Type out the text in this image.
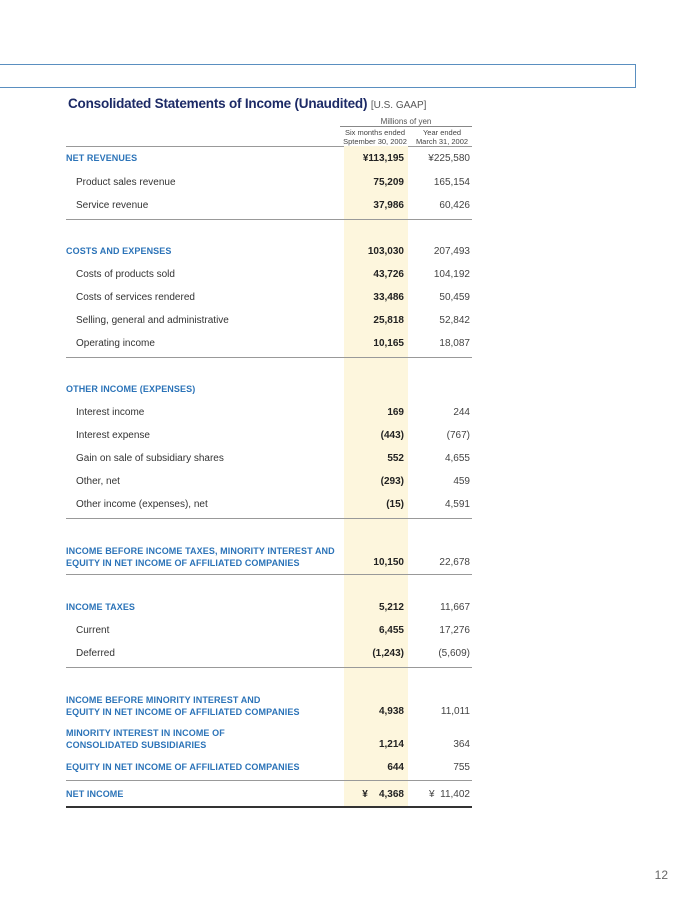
Consolidated Statements of Income (Unaudited) [U.S. GAAP]
Millions of yen
Six months ended
Sptember 30, 2002
Year ended
March 31, 2002
NET REVENUES	¥113,195 ¥225,580
Product sales revenue	75,209	165,154
Service revenue	37,986	60,426
COSTS AND EXPENSES	103,030	207,493
Costs of products sold	43,726	104,192
Costs of services rendered	33,486	50,459
Selling, general and administrative	25,818	52,842
Operating income	10,165	18,087
OTHER INCOME (EXPENSES)
Interest income	169	244
Interest expense	(443)	(767)
Gain on sale of subsidiary shares	552	4,655
Other, net	(293)	459
Other income (expenses), net	(15)	4,591
INCOME BEFORE INCOME TAXES, MINORITY INTEREST AND
EQUITY IN NET INCOME OF AFFILIATED COMPANIES	10,150	22,678
INCOME TAXES	5,212	11,667
Current	6,455	17,276
Deferred	(1,243)	(5,609)
INCOME BEFORE MINORITY INTEREST AND
EQUITY IN NET INCOME OF AFFILIATED COMPANIES	4,938	11,011
MINORITY INTEREST IN INCOME OF
CONSOLIDATED SUBSIDIARIES	1,214	364
EQUITY IN NET INCOME OF AFFILIATED COMPANIES	644	755
NET INCOME	¥    4,368	¥  11,402
12
